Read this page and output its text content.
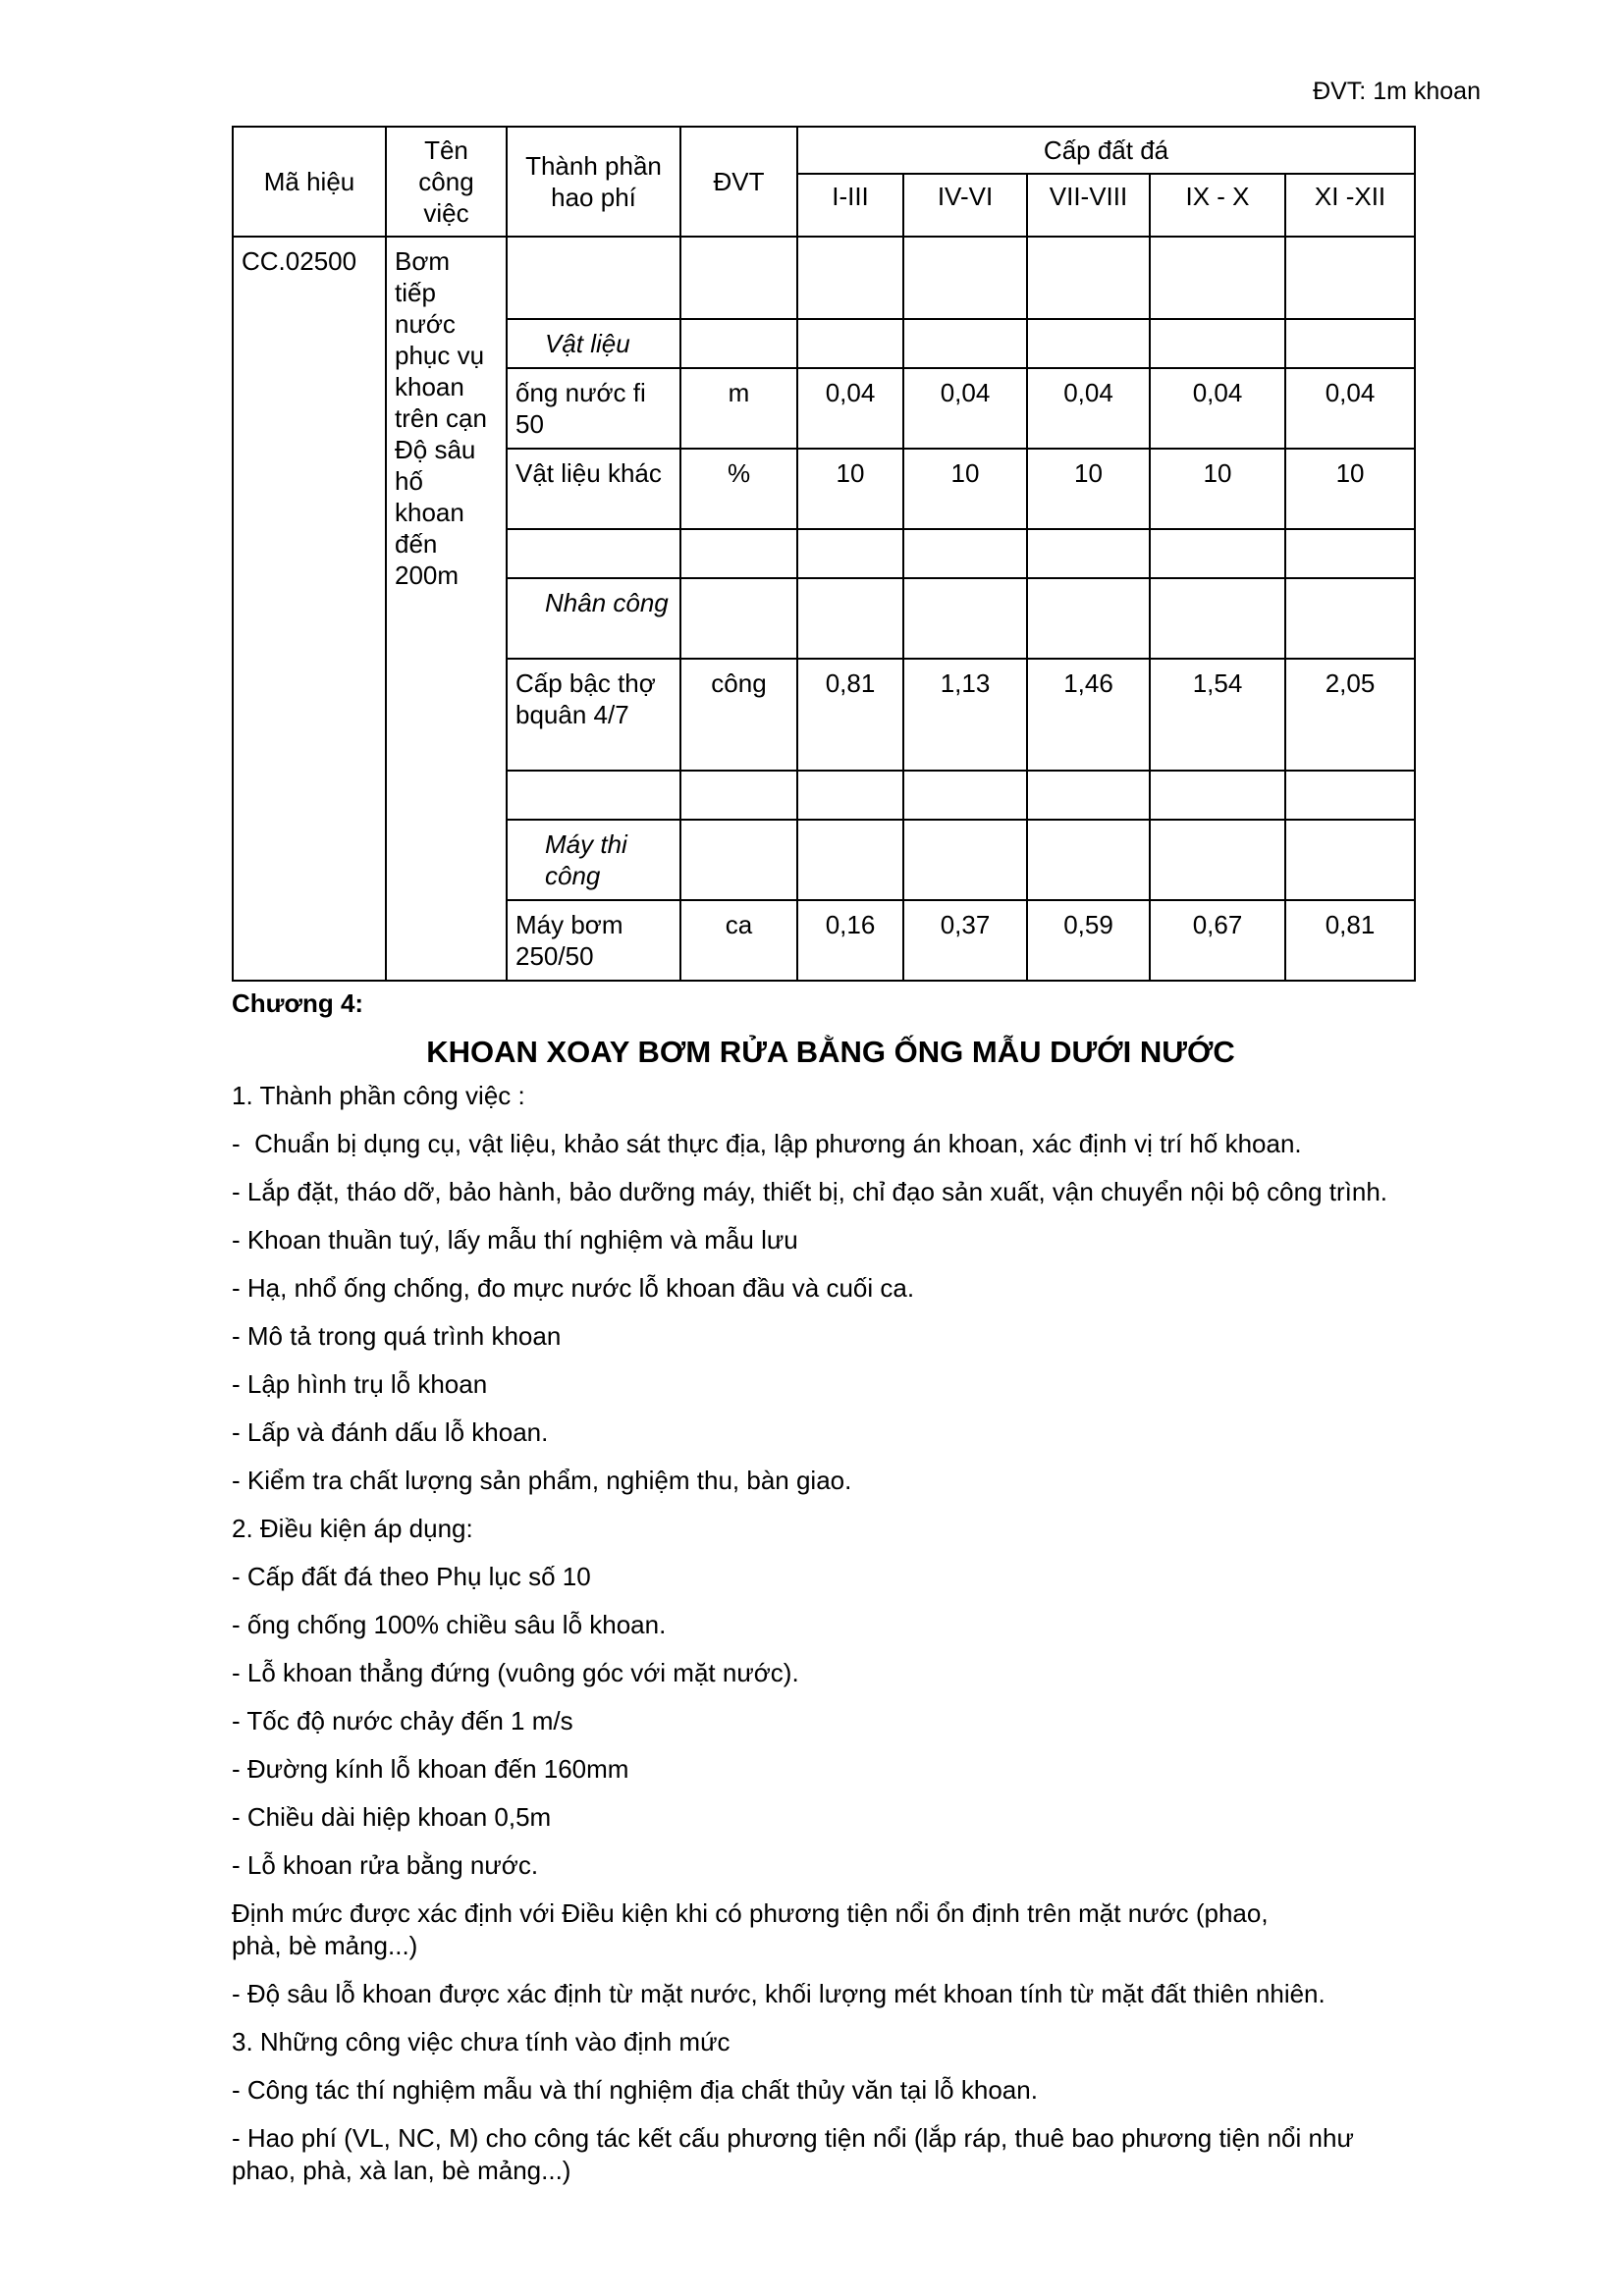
ĐVT: 1m khoan
Mã hiệu	Tên công việc	Thành phần hao phí	ĐVT	Cấp đất đá				
				I-III	IV-VI	VII-VIII	IX - X	XI -XII
CC.02500	Bơm tiếp nước phục vụ khoan trên cạn Độ sâu hố khoan đến 200m							
		Vật liệu						
		ống nước fi 50	m	0,04	0,04	0,04	0,04	0,04
		Vật liệu khác	%	10	10	10	10	10

		Nhân công						
		Cấp bậc thợ bquân 4/7	công	0,81	1,13	1,46	1,54	2,05

		Máy thi công						
		Máy bơm 250/50	ca	0,16	0,37	0,59	0,67	0,81
Chương 4:
KHOAN XOAY BƠM RỬA BẰNG ỐNG MẪU DƯỚI NƯỚC
1. Thành phần công việc :
-  Chuẩn bị dụng cụ, vật liệu, khảo sát thực địa, lập phương án khoan, xác định vị trí hố khoan.
- Lắp đặt, tháo dỡ, bảo hành, bảo dưỡng máy, thiết bị, chỉ đạo sản xuất, vận chuyển nội bộ công trình.
- Khoan thuần tuý, lấy mẫu thí nghiệm và mẫu lưu
- Hạ, nhổ ống chống, đo mực nước lỗ khoan đầu và cuối ca.
- Mô tả trong quá trình khoan
- Lập hình trụ lỗ khoan
- Lấp và đánh dấu lỗ khoan.
- Kiểm tra chất lượng sản phẩm, nghiệm thu, bàn giao.
2. Điều kiện áp dụng:
- Cấp đất đá theo Phụ lục số 10
- ống chống 100% chiều sâu lỗ khoan.
- Lỗ khoan thẳng đứng (vuông góc với mặt nước).
- Tốc độ nước chảy đến 1 m/s
- Đường kính lỗ khoan đến 160mm
- Chiều dài hiệp khoan 0,5m
- Lỗ khoan rửa bằng nước.
Định mức được xác định với Điều kiện khi có phương tiện nổi ổn định trên mặt nước (phao,
phà, bè mảng...)
- Độ sâu lỗ khoan được xác định từ mặt nước, khối lượng mét khoan tính từ mặt đất thiên nhiên.
3. Những công việc chưa tính vào định mức
- Công tác thí nghiệm mẫu và thí nghiệm địa chất thủy văn tại lỗ khoan.
- Hao phí (VL, NC, M) cho công tác kết cấu phương tiện nổi (lắp ráp, thuê bao phương tiện nổi như
phao, phà, xà lan, bè mảng...)
